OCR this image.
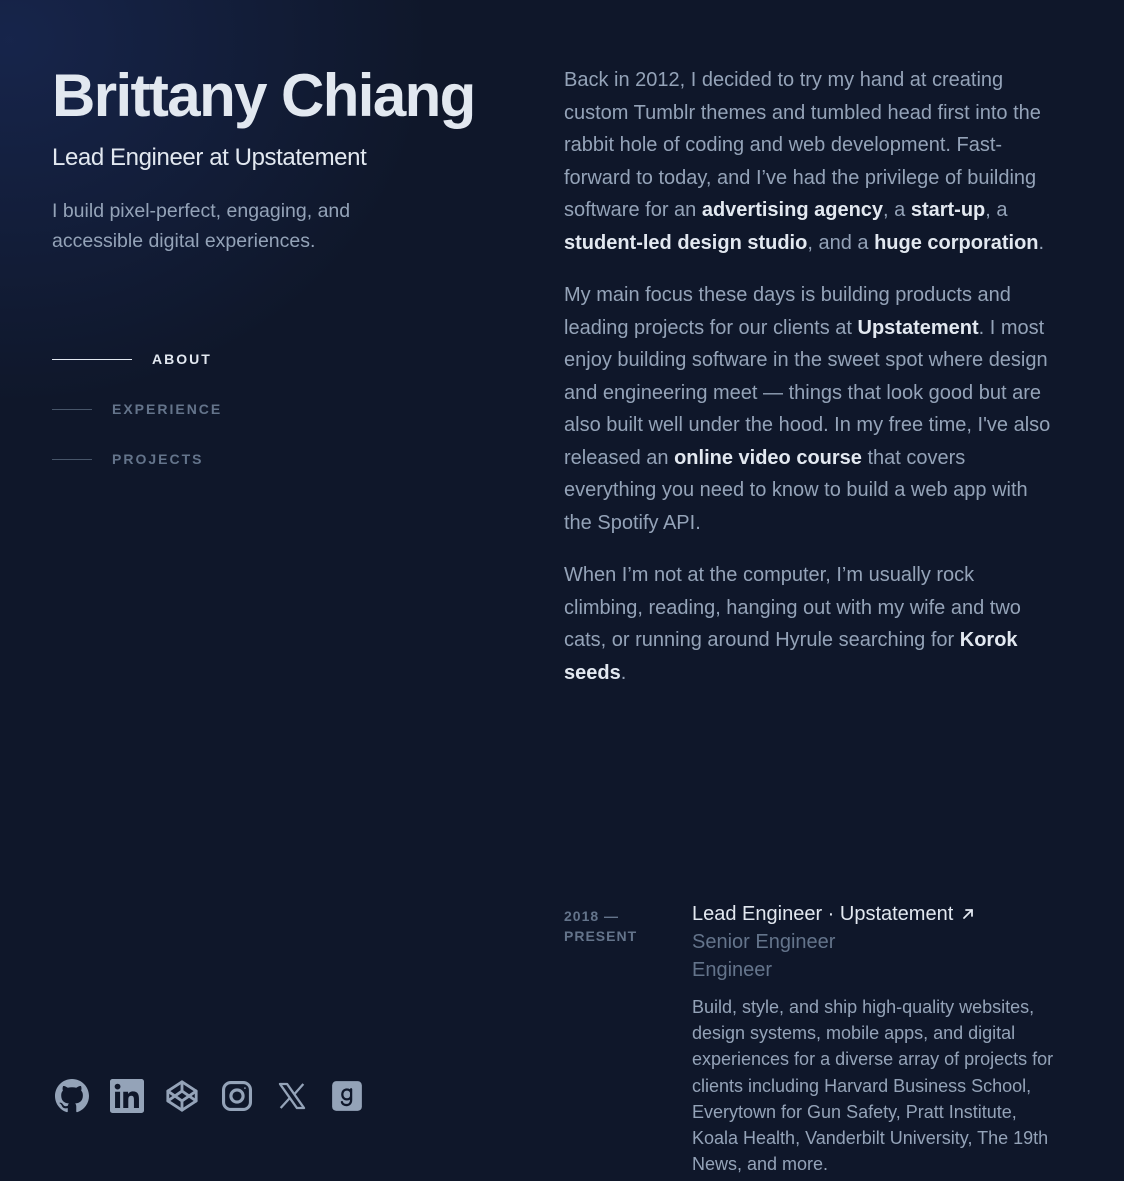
Brittany Chiang
Lead Engineer at Upstatement

I build pixel-perfect, engaging, and accessible digital experiences.

ABOUT
EXPERIENCE
PROJECTS

Back in 2012, I decided to try my hand at creating custom Tumblr themes and tumbled head first into the rabbit hole of coding and web development. Fast-forward to today, and I’ve had the privilege of building software for an advertising agency, a start-up, a student-led design studio, and a huge corporation.

My main focus these days is building products and leading projects for our clients at Upstatement. I most enjoy building software in the sweet spot where design and engineering meet — things that look good but are also built well under the hood. In my free time, I've also released an online video course that covers everything you need to know to build a web app with the Spotify API.

When I’m not at the computer, I’m usually rock climbing, reading, hanging out with my wife and two cats, or running around Hyrule searching for Korok seeds.

2018 —
PRESENT
Lead Engineer · Upstatement
Senior Engineer
Engineer

Build, style, and ship high-quality websites, design systems, mobile apps, and digital experiences for a diverse array of projects for clients including Harvard Business School, Everytown for Gun Safety, Pratt Institute, Koala Health, Vanderbilt University, The 19th News, and more.
